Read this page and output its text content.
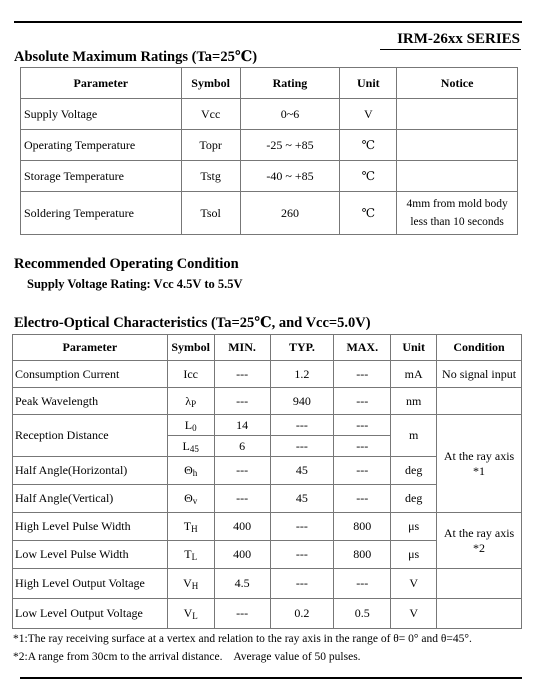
IRM-26xx SERIES
Absolute Maximum Ratings (Ta=25℃)
Parameter	Symbol	Rating	Unit	Notice
Supply Voltage	Vcc	0~6	V	
Operating Temperature	Topr	-25 ~ +85	℃	
Storage Temperature	Tstg	-40 ~ +85	℃	
Soldering Temperature	Tsol	260	℃	4mm from mold body
less than 10 seconds
Recommended Operating Condition
Supply Voltage Rating: Vcc 4.5V to 5.5V
Electro-Optical Characteristics (Ta=25℃, and Vcc=5.0V)
Parameter	Symbol	MIN.	TYP.	MAX.	Unit	Condition
Consumption Current	Icc	---	1.2	---	mA	No signal input
Peak Wavelength	$\lambda_P$	---	940	---	nm	
Reception Distance	$L_0$	14	---	---	m	At the ray axis
*1

	$L_{45}$	6	---	---		
Half Angle(Horizontal)	$\Theta_h$	---	45	---	deg	
Half Angle(Vertical)	$\Theta_v$	---	45	---	deg	
High Level Pulse Width	$T_H$	400	---	800	μs	At the ray axis
*2

Low Level Pulse Width	$T_L$	400	---	800	μs	
High Level Output Voltage	$V_H$	4.5	---	---	V	
Low Level Output Voltage	$V_L$	---	0.2	0.5	V	
*1:The ray receiving surface at a vertex and relation to the ray axis in the range of θ= 0° and θ=45°.
*2:A range from 30cm to the arrival distance.    Average value of 50 pulses.
